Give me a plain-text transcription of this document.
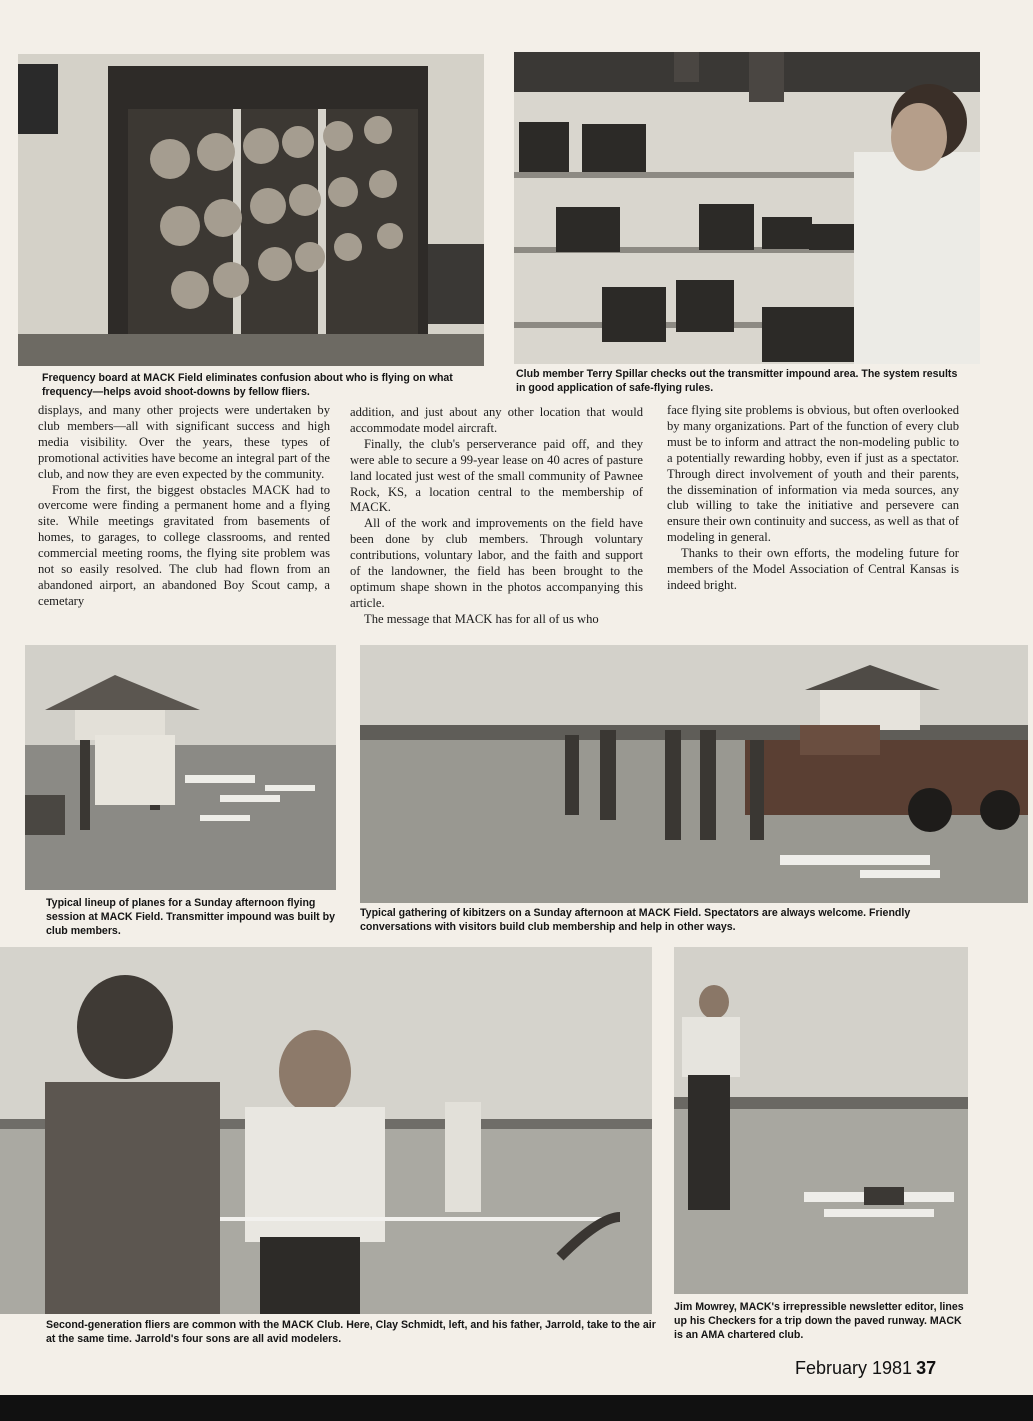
Frequency board at MACK Field eliminates confusion about who is flying on what frequency—helps avoid shoot-downs by fellow fliers.

Club member Terry Spillar checks out the transmitter impound area. The system results in good application of safe-flying rules.

displays, and many other projects were undertaken by club members—all with significant success and high media visibility. Over the years, these types of promotional activities have become an integral part of the club, and now they are even expected by the community.

From the first, the biggest obstacles MACK had to overcome were finding a permanent home and a flying site. While meetings gravitated from basements of homes, to garages, to college classrooms, and rented commercial meeting rooms, the flying site problem was not so easily resolved. The club had flown from an abandoned airport, an abandoned Boy Scout camp, a cemetary

addition, and just about any other location that would accommodate model aircraft.

Finally, the club's perserverance paid off, and they were able to secure a 99-year lease on 40 acres of pasture land located just west of the small community of Pawnee Rock, KS, a location central to the membership of MACK.

All of the work and improvements on the field have been done by club members. Through voluntary contributions, voluntary labor, and the faith and support of the landowner, the field has been brought to the optimum shape shown in the photos accompanying this article.

The message that MACK has for all of us who

face flying site problems is obvious, but often overlooked by many organizations. Part of the function of every club must be to inform and attract the non-modeling public to a potentially rewarding hobby, even if just as a spectator. Through direct involvement of youth and their parents, the dissemination of information via meda sources, any club willing to take the initiative and persevere can ensure their own continuity and success, as well as that of modeling in general.

Thanks to their own efforts, the modeling future for members of the Model Association of Central Kansas is indeed bright.

Typical lineup of planes for a Sunday afternoon flying session at MACK Field. Transmitter impound was built by club members.

Typical gathering of kibitzers on a Sunday afternoon at MACK Field. Spectators are always welcome. Friendly conversations with visitors build club membership and help in other ways.

Second-generation fliers are common with the MACK Club. Here, Clay Schmidt, left, and his father, Jarrold, take to the air at the same time. Jarrold's four sons are all avid modelers.

Jim Mowrey, MACK's irrepressible newsletter editor, lines up his Checkers for a trip down the paved runway. MACK is an AMA chartered club.

February 1981 37
